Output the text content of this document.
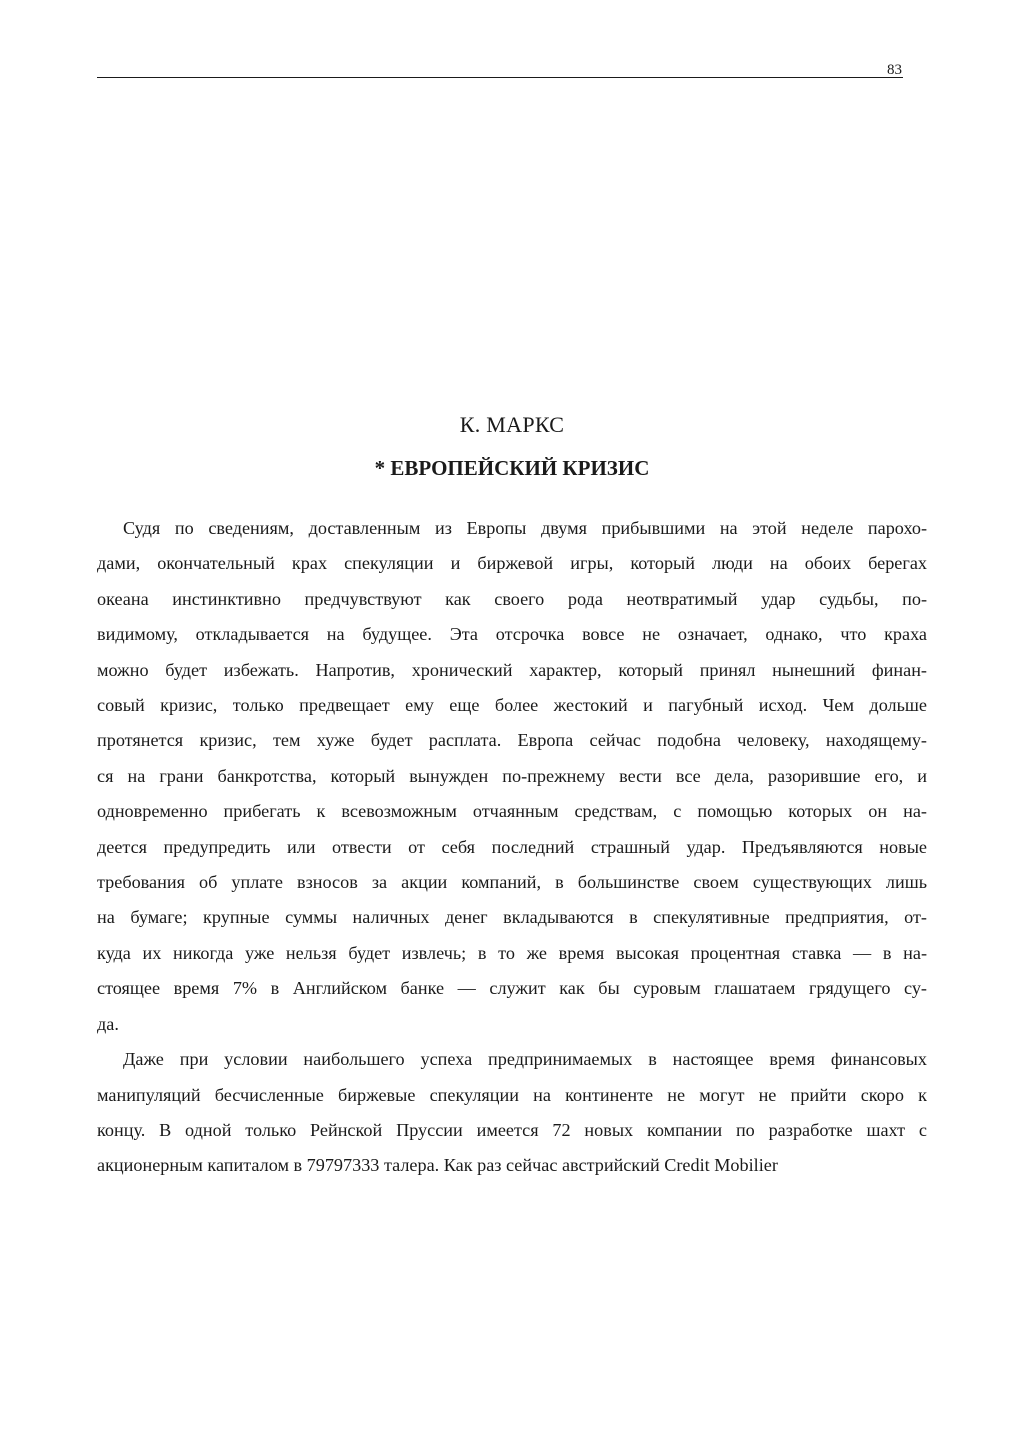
83
К. МАРКС
* ЕВРОПЕЙСКИЙ КРИЗИС

Судя по сведениям, доставленным из Европы двумя прибывшими на этой неделе парохо-
дами, окончательный крах спекуляции и биржевой игры, который люди на обоих берегах
океана инстинктивно предчувствуют как своего рода неотвратимый удар судьбы, по-
видимому, откладывается на будущее. Эта отсрочка вовсе не означает, однако, что краха
можно будет избежать. Напротив, хронический характер, который принял нынешний финан-
совый кризис, только предвещает ему еще более жестокий и пагубный исход. Чем дольше
протянется кризис, тем хуже будет расплата. Европа сейчас подобна человеку, находящему-
ся на грани банкротства, который вынужден по-прежнему вести все дела, разорившие его, и
одновременно прибегать к всевозможным отчаянным средствам, с помощью которых он на-
деется предупредить или отвести от себя последний страшный удар. Предъявляются новые
требования об уплате взносов за акции компаний, в большинстве своем существующих лишь
на бумаге; крупные суммы наличных денег вкладываются в спекулятивные предприятия, от-
куда их никогда уже нельзя будет извлечь; в то же время высокая процентная ставка — в на-
стоящее время 7% в Английском банке — служит как бы суровым глашатаем грядущего су-
да.

Даже при условии наибольшего успеха предпринимаемых в настоящее время финансовых
манипуляций бесчисленные биржевые спекуляции на континенте не могут не прийти скоро к
концу. В одной только Рейнской Пруссии имеется 72 новых компании по разработке шахт с
акционерным капиталом в 79797333 талера. Как раз сейчас австрийский Credit Mobilier
